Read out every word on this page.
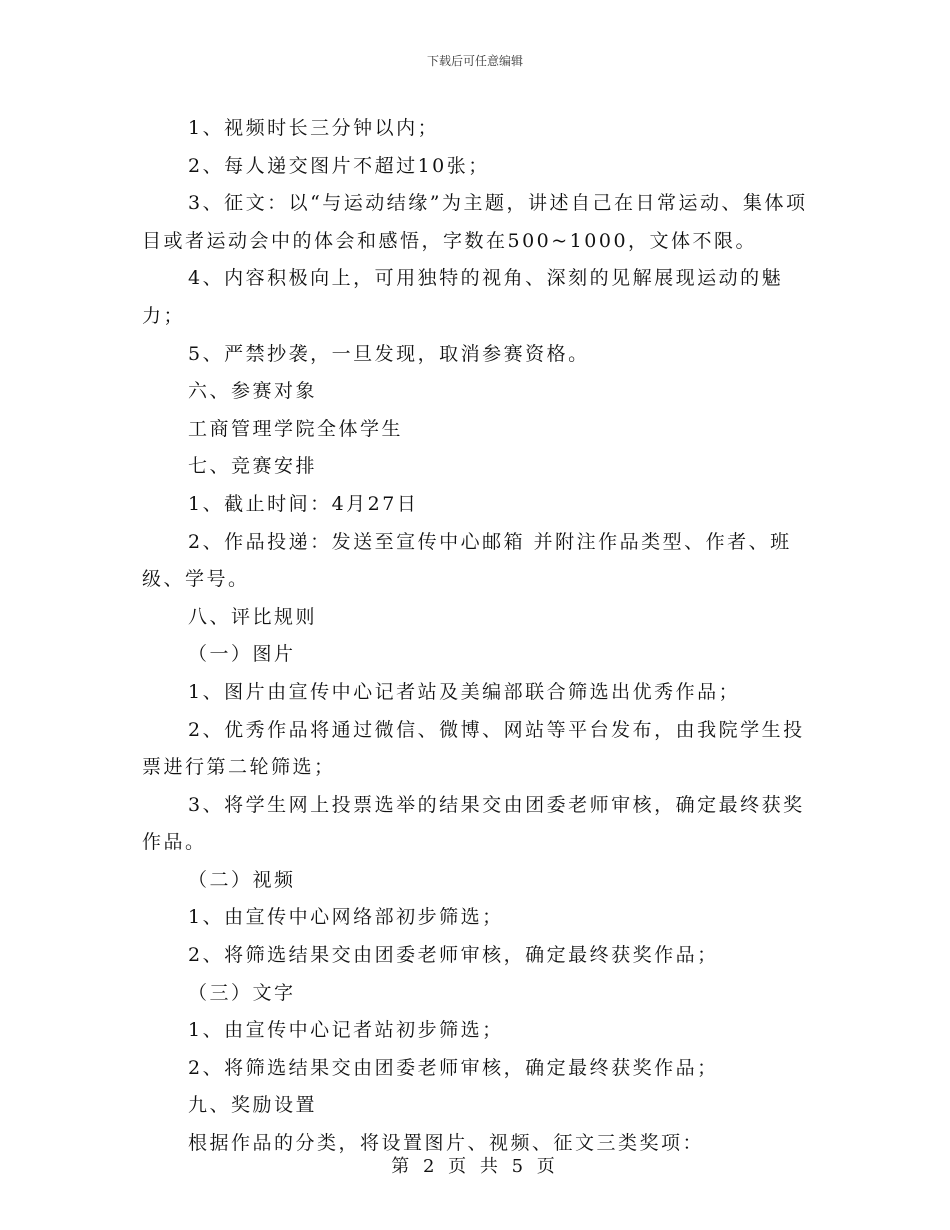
下载后可任意编辑

1、视频时长三分钟以内；

2、每人递交图片不超过10张；

3、征文：以“与运动结缘”为主题，讲述自己在日常运动、集体项目或者运动会中的体会和感悟，字数在500~1000，文体不限。

4、内容积极向上，可用独特的视角、深刻的见解展现运动的魅力；

5、严禁抄袭，一旦发现，取消参赛资格。

六、参赛对象

工商管理学院全体学生

七、竞赛安排

1、截止时间：4月27日

2、作品投递：发送至宣传中心邮箱 并附注作品类型、作者、班级、学号。

八、评比规则

（一）图片

1、图片由宣传中心记者站及美编部联合筛选出优秀作品；

2、优秀作品将通过微信、微博、网站等平台发布，由我院学生投票进行第二轮筛选；

3、将学生网上投票选举的结果交由团委老师审核，确定最终获奖作品。

（二）视频

1、由宣传中心网络部初步筛选；

2、将筛选结果交由团委老师审核，确定最终获奖作品；

（三）文字

1、由宣传中心记者站初步筛选；

2、将筛选结果交由团委老师审核，确定最终获奖作品；

九、奖励设置

根据作品的分类，将设置图片、视频、征文三类奖项：

第 2 页 共 5 页
